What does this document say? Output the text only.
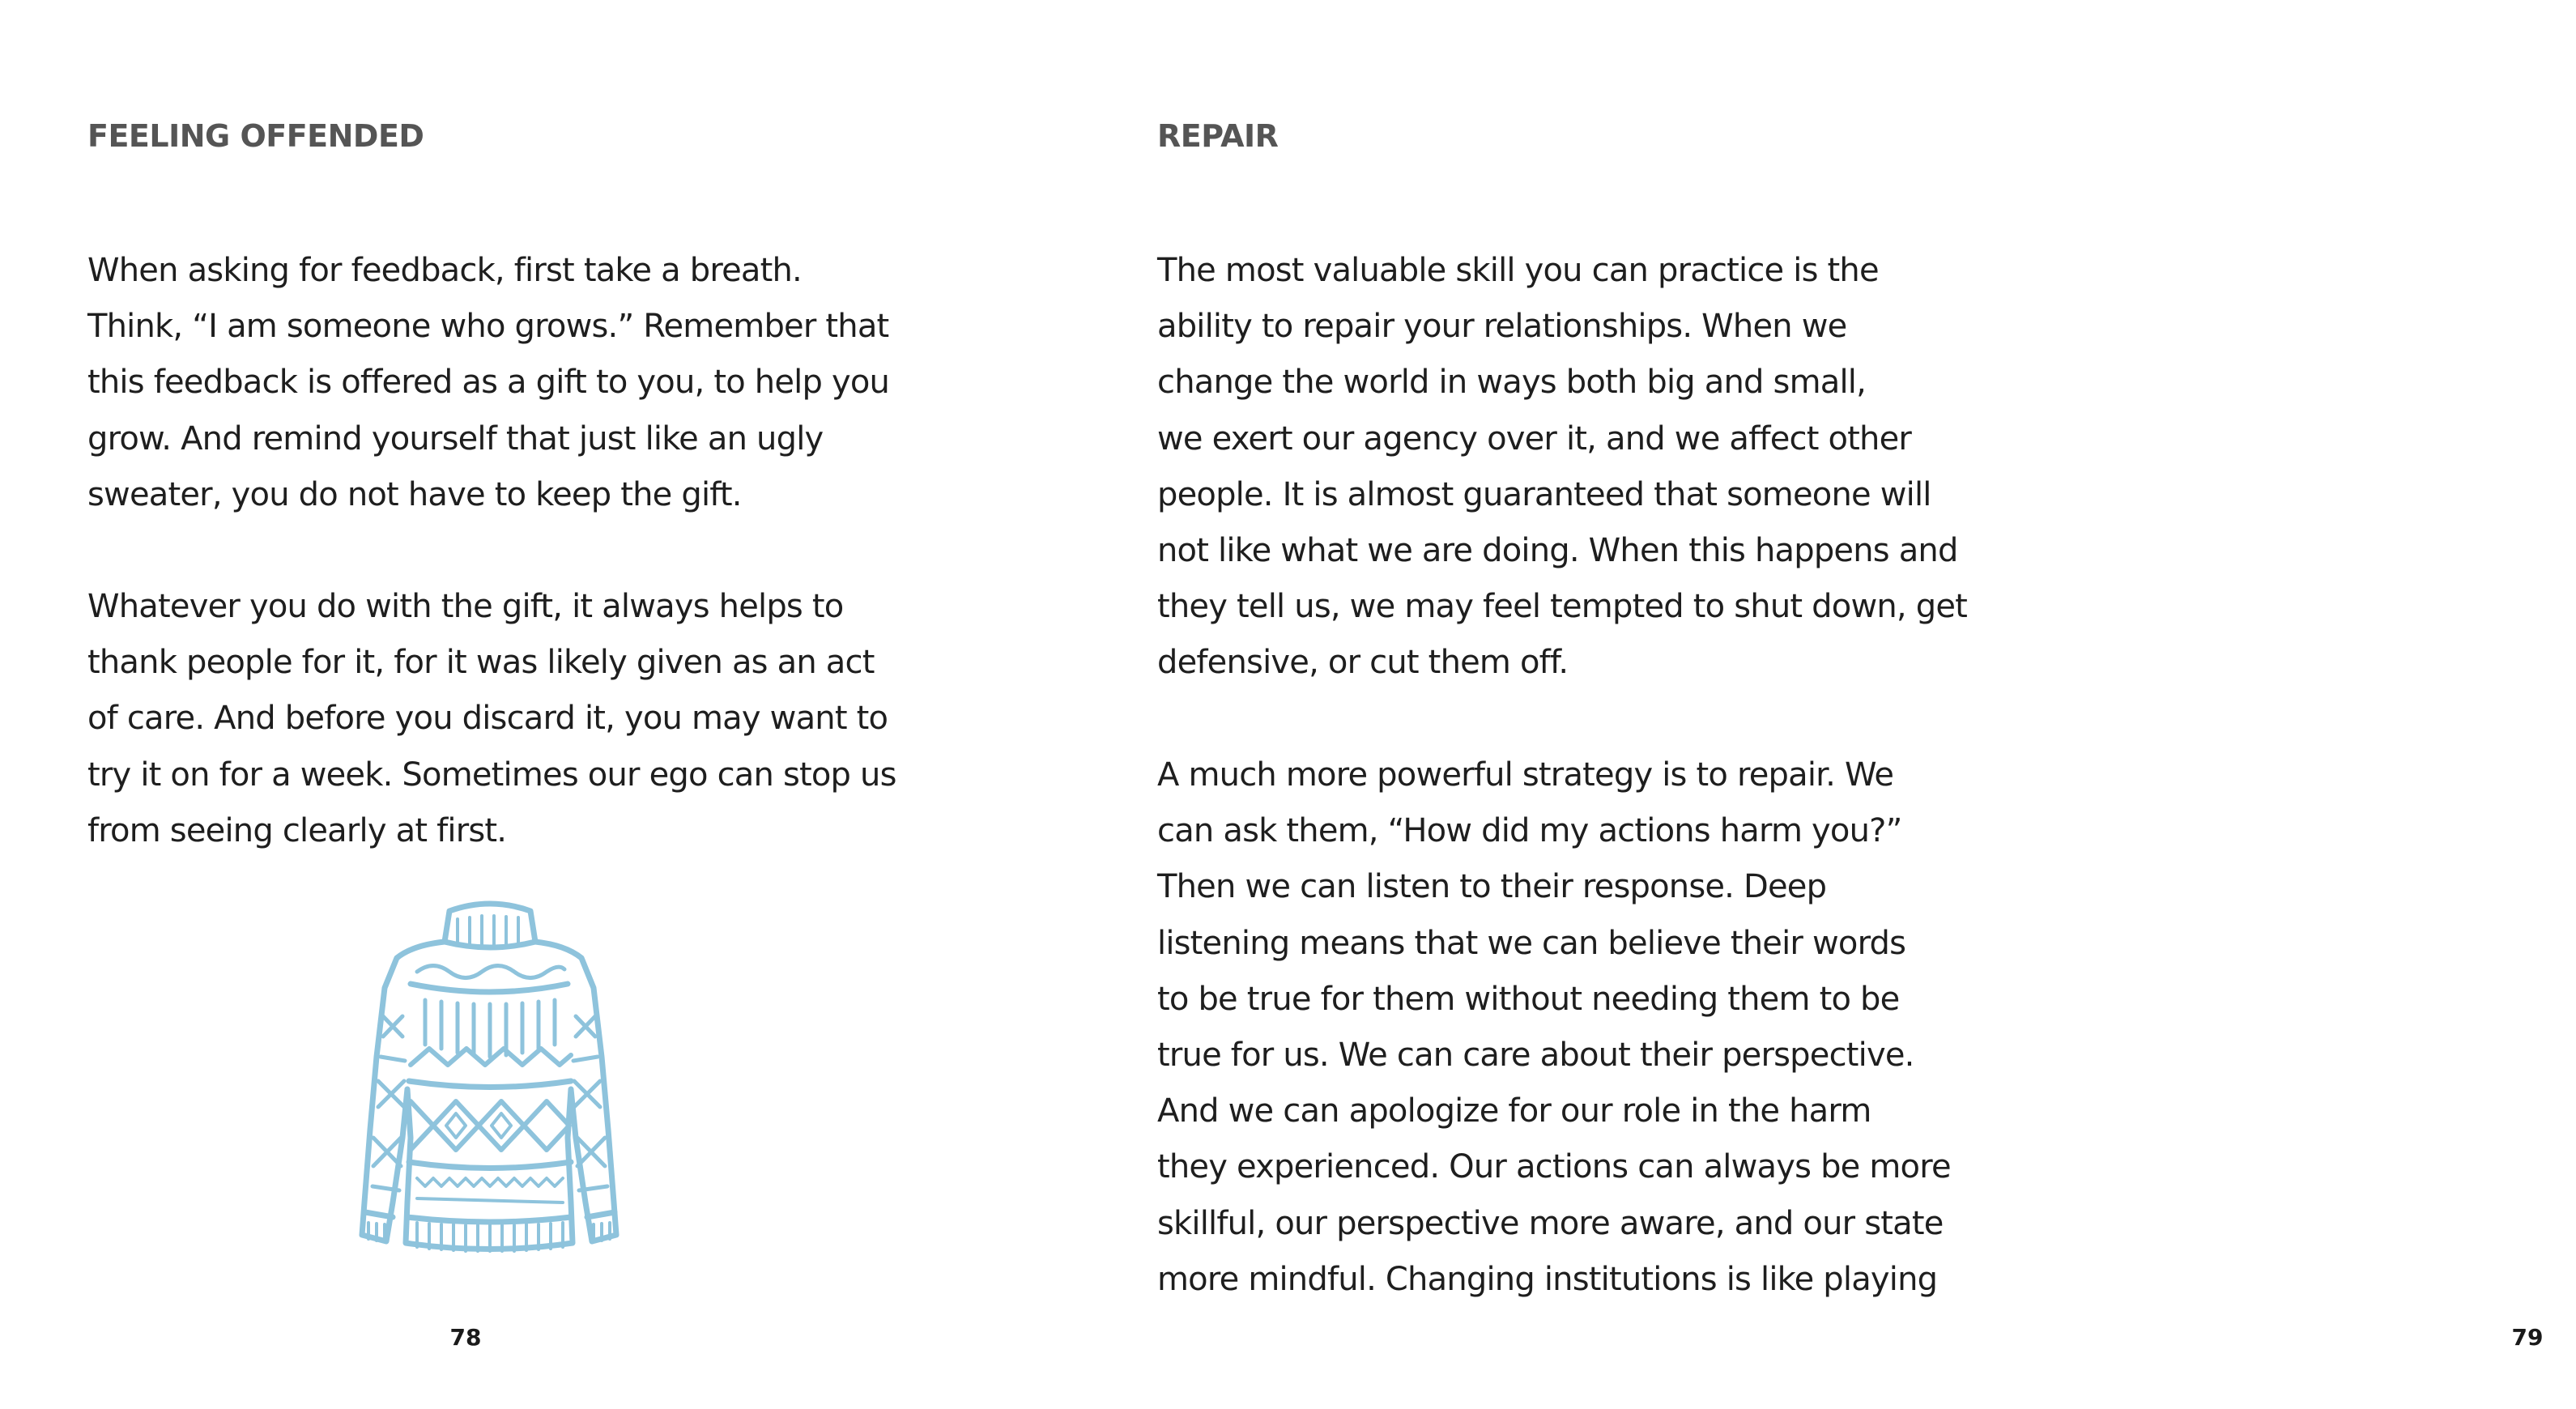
FEELING OFFENDED

When asking for feedback, first take a breath.
Think, “I am someone who grows.” Remember that
this feedback is offered as a gift to you, to help you
grow. And remind yourself that just like an ugly
sweater, you do not have to keep the gift.

Whatever you do with the gift, it always helps to
thank people for it, for it was likely given as an act
of care. And before you discard it, you may want to
try it on for a week. Sometimes our ego can stop us
from seeing clearly at first.

78
REPAIR

The most valuable skill you can practice is the
ability to repair your relationships. When we
change the world in ways both big and small,
we exert our agency over it, and we affect other
people. It is almost guaranteed that someone will
not like what we are doing. When this happens and
they tell us, we may feel tempted to shut down, get
defensive, or cut them off.

A much more powerful strategy is to repair. We
can ask them, “How did my actions harm you?”
Then we can listen to their response. Deep
listening means that we can believe their words
to be true for them without needing them to be
true for us. We can care about their perspective.
And we can apologize for our role in the harm
they experienced. Our actions can always be more
skillful, our perspective more aware, and our state
more mindful. Changing institutions is like playing

79
